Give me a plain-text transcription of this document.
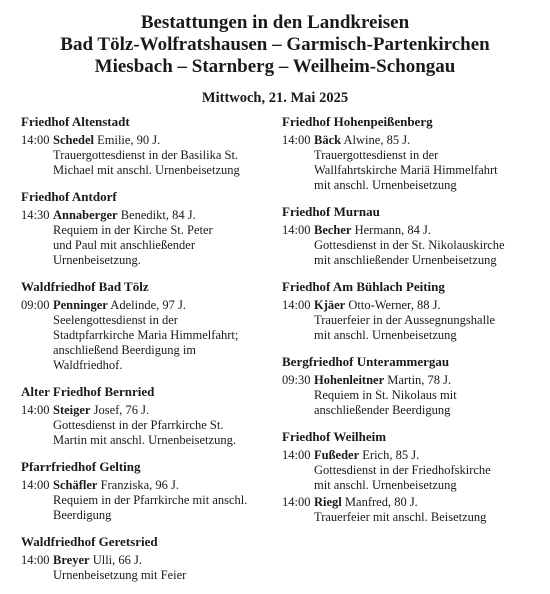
Bestattungen in den Landkreisen
Bad Tölz-Wolfratshausen – Garmisch-Partenkirchen
Miesbach – Starnberg – Weilheim-Schongau
Mittwoch, 21. Mai 2025
Friedhof Altenstadt
14:00 Schedel Emilie, 90 J.
Trauergottesdienst in der Basilika St.
Michael mit anschl. Urnenbeisetzung
Friedhof Antdorf
14:30 Annaberger Benedikt, 84 J.
Requiem in der Kirche St. Peter
und Paul mit anschließender
Urnenbeisetzung.
Waldfriedhof Bad Tölz
09:00 Penninger Adelinde, 97 J.
Seelengottesdienst in der
Stadtpfarrkirche Maria Himmelfahrt;
anschließend Beerdigung im
Waldfriedhof.
Alter Friedhof Bernried
14:00 Steiger Josef, 76 J.
Gottesdienst in der Pfarrkirche St.
Martin mit anschl. Urnenbeisetzung.
Pfarrfriedhof Gelting
14:00 Schäfler Franziska, 96 J.
Requiem in der Pfarrkirche mit anschl.
Beerdigung
Waldfriedhof Geretsried
14:00 Breyer Ulli, 66 J.
Urnenbeisetzung mit Feier
Friedhof Hohenpeißenberg
14:00 Bäck Alwine, 85 J.
Trauergottesdienst in der
Wallfahrtskirche Mariä Himmelfahrt
mit anschl. Urnenbeisetzung
Friedhof Murnau
14:00 Becher Hermann, 84 J.
Gottesdienst in der St. Nikolauskirche
mit anschließender Urnenbeisetzung
Friedhof Am Bühlach Peiting
14:00 Kjäer Otto-Werner, 88 J.
Trauerfeier in der Aussegnungshalle
mit anschl. Urnenbeisetzung
Bergfriedhof Unterammergau
09:30 Hohenleitner Martin, 78 J.
Requiem in St. Nikolaus mit
anschließender Beerdigung
Friedhof Weilheim
14:00 Fußeder Erich, 85 J.
Gottesdienst in der Friedhofskirche
mit anschl. Urnenbeisetzung
14:00 Riegl Manfred, 80 J.
Trauerfeier mit anschl. Beisetzung
